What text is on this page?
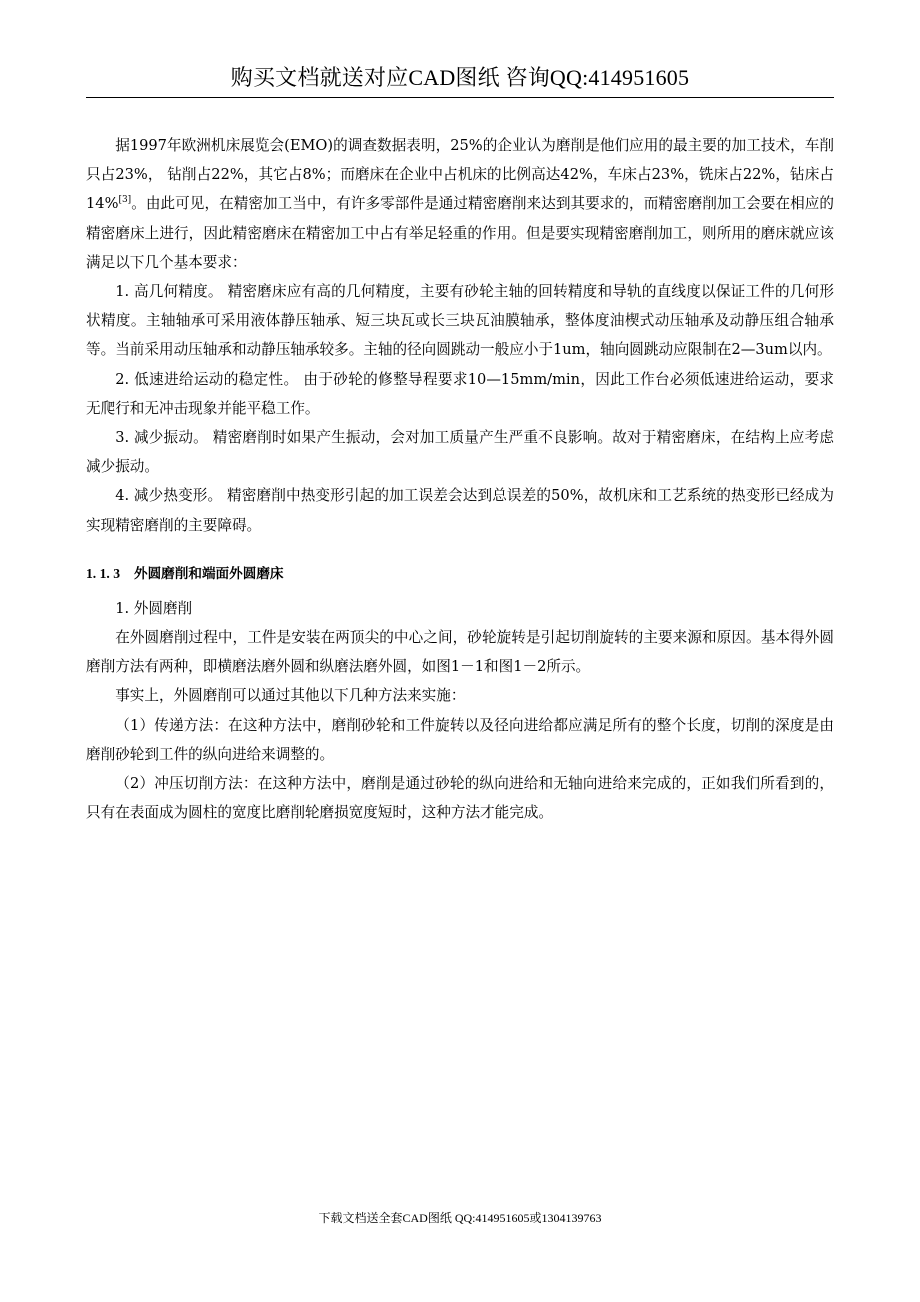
购买文档就送对应CAD图纸 咨询QQ:414951605

据1997年欧洲机床展览会(EMO)的调查数据表明，25%的企业认为磨削是他们应用的最主要的加工技术，车削只占23%， 钻削占22%，其它占8%；而磨床在企业中占机床的比例高达42%，车床占23%，铣床占22%，钻床占14%[3]。由此可见，在精密加工当中，有许多零部件是通过精密磨削来达到其要求的，而精密磨削加工会要在相应的精密磨床上进行，因此精密磨床在精密加工中占有举足轻重的作用。但是要实现精密磨削加工，则所用的磨床就应该满足以下几个基本要求：

1. 高几何精度。 精密磨床应有高的几何精度，主要有砂轮主轴的回转精度和导轨的直线度以保证工件的几何形状精度。主轴轴承可采用液体静压轴承、短三块瓦或长三块瓦油膜轴承，整体度油楔式动压轴承及动静压组合轴承等。当前采用动压轴承和动静压轴承较多。主轴的径向圆跳动一般应小于1um，轴向圆跳动应限制在2—3um以内。

2. 低速进给运动的稳定性。 由于砂轮的修整导程要求10—15mm/min，因此工作台必须低速进给运动，要求无爬行和无冲击现象并能平稳工作。

3. 减少振动。 精密磨削时如果产生振动，会对加工质量产生严重不良影响。故对于精密磨床，在结构上应考虑减少振动。

4. 减少热变形。 精密磨削中热变形引起的加工误差会达到总误差的50%，故机床和工艺系统的热变形已经成为实现精密磨削的主要障碍。

1. 1. 3 外圆磨削和端面外圆磨床

1. 外圆磨削

在外圆磨削过程中，工件是安装在两顶尖的中心之间，砂轮旋转是引起切削旋转的主要来源和原因。基本得外圆磨削方法有两种，即横磨法磨外圆和纵磨法磨外圆，如图1－1和图1－2所示。

事实上，外圆磨削可以通过其他以下几种方法来实施：

（1）传递方法：在这种方法中，磨削砂轮和工件旋转以及径向进给都应满足所有的整个长度，切削的深度是由磨削砂轮到工件的纵向进给来调整的。

（2）冲压切削方法：在这种方法中，磨削是通过砂轮的纵向进给和无轴向进给来完成的，正如我们所看到的，只有在表面成为圆柱的宽度比磨削轮磨损宽度短时，这种方法才能完成。

下载文档送全套CAD图纸 QQ:414951605或1304139763
